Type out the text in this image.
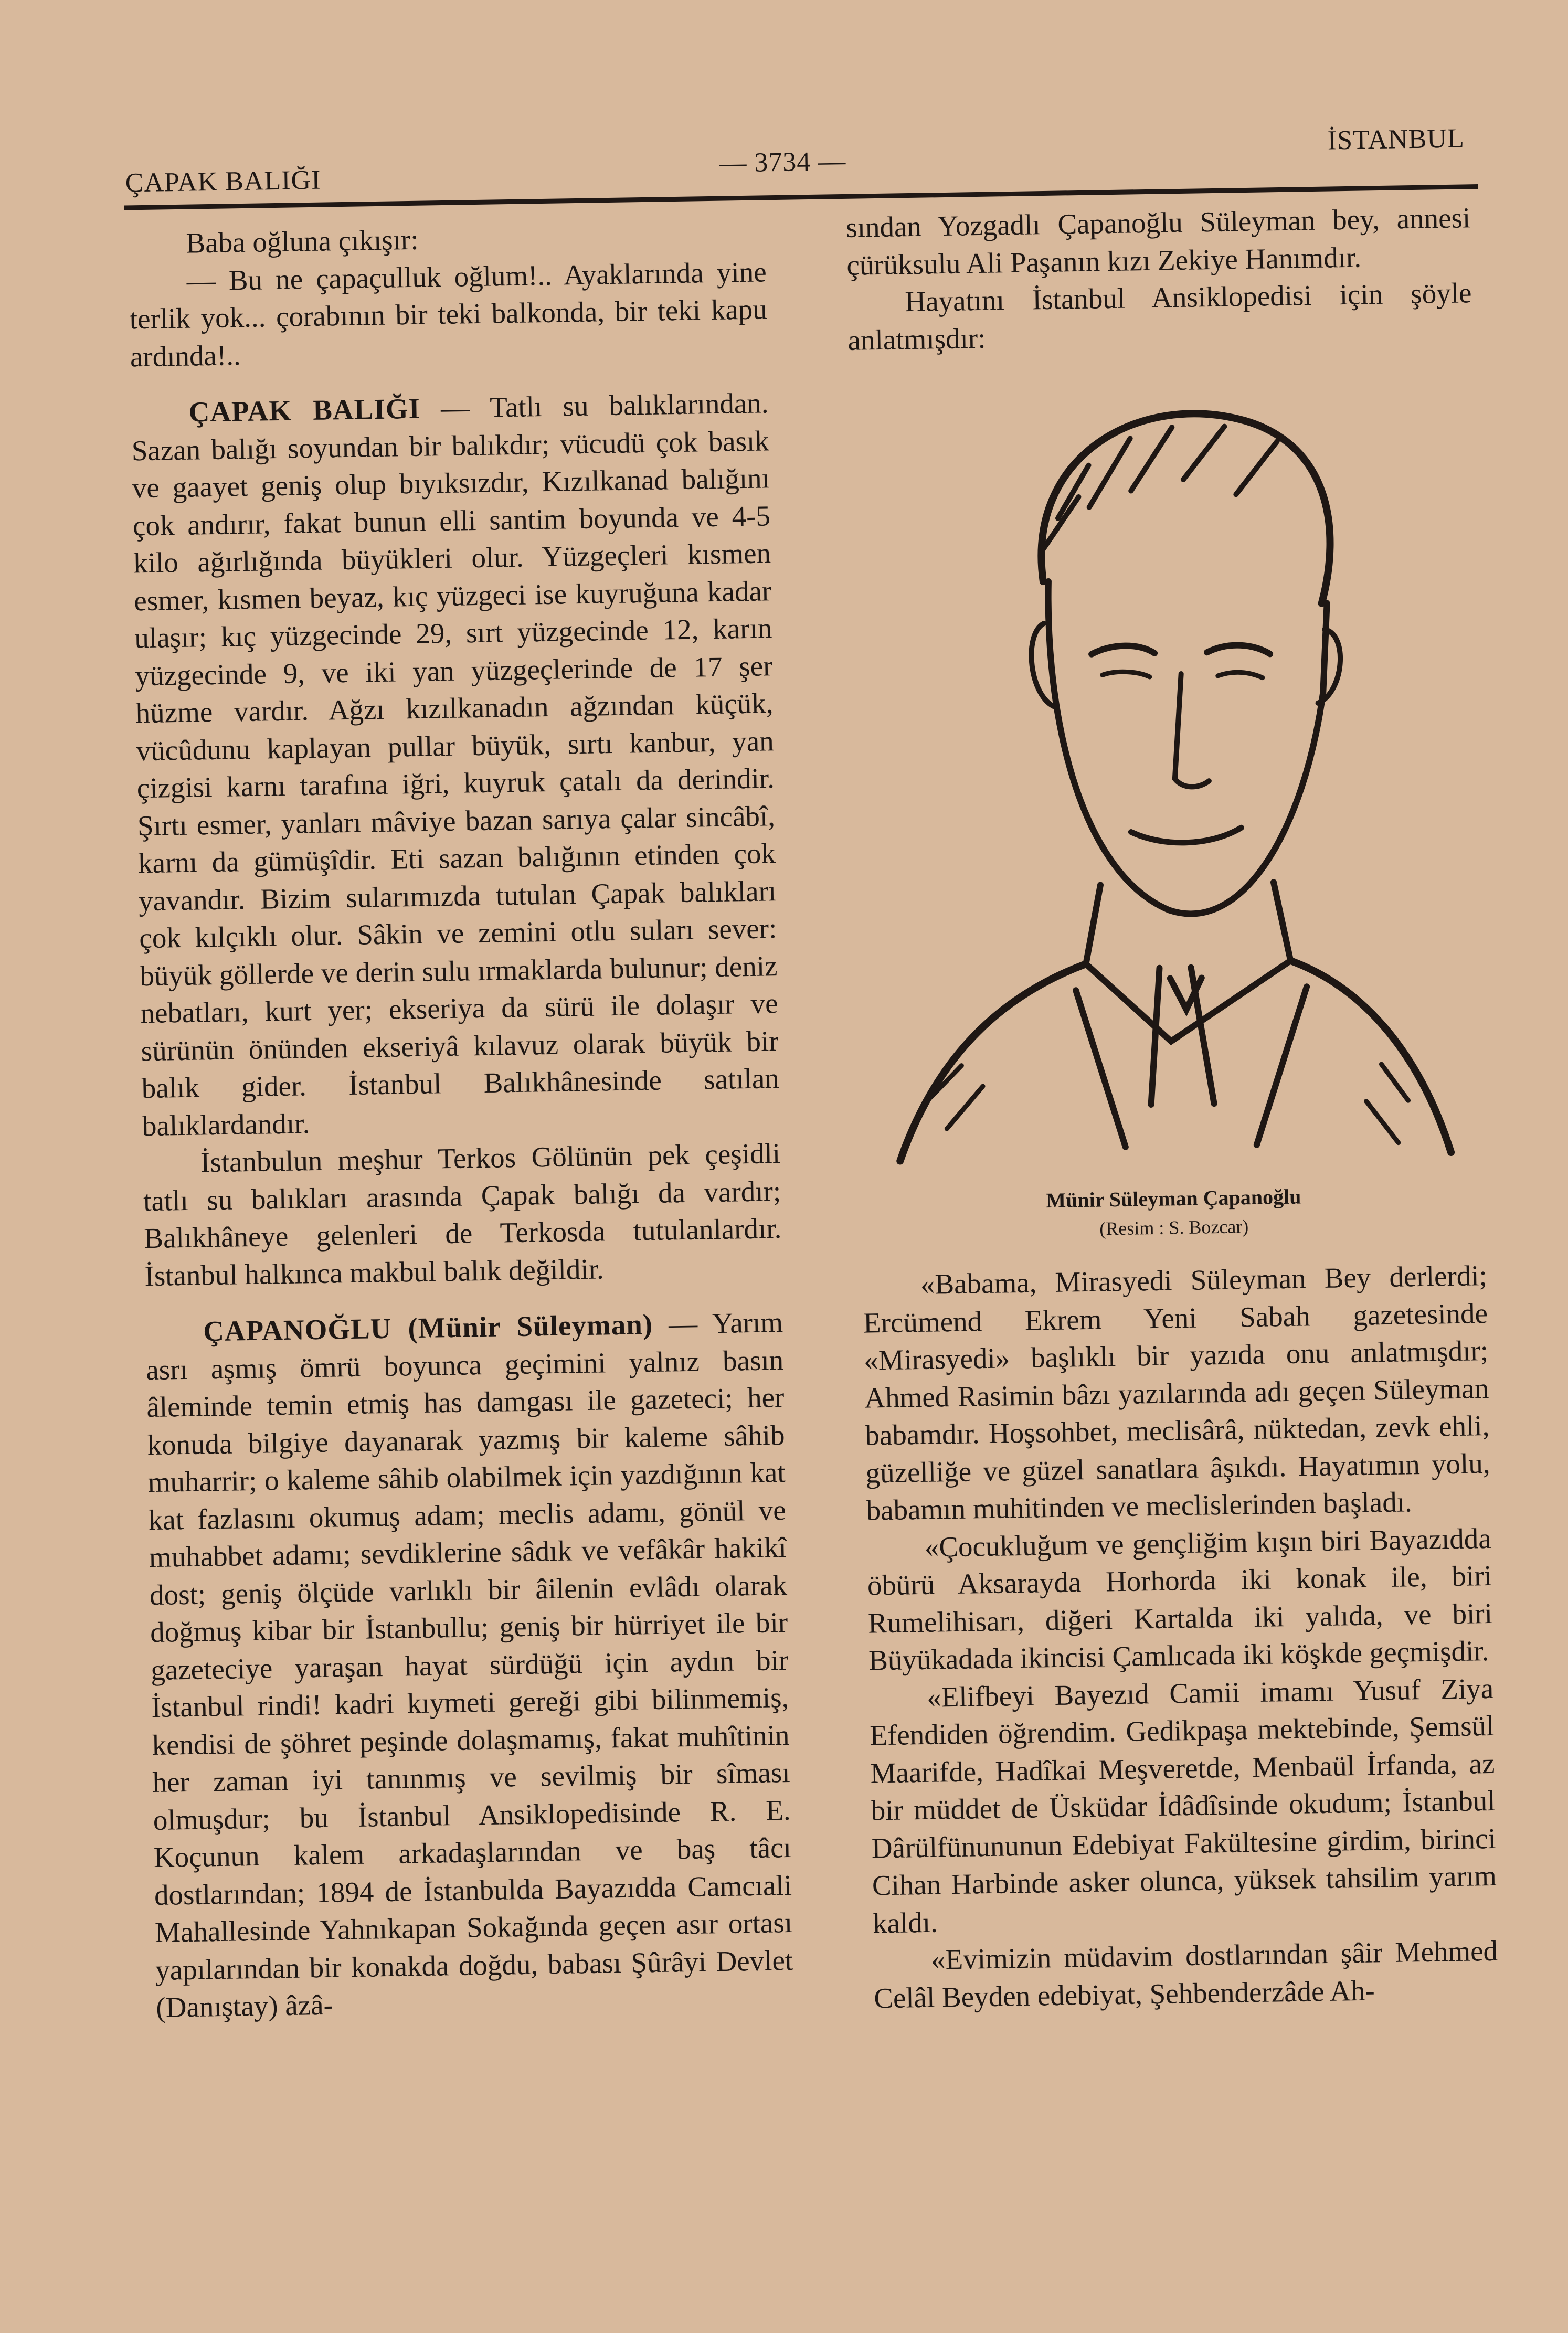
ÇAPAK BALIĞI
— 3734 —
İSTANBUL

Baba oğluna çıkışır:

— Bu ne çapaçulluk oğlum!.. Ayaklarında yine terlik yok... çorabının bir teki balkonda, bir teki kapu ardında!..

ÇAPAK BALIĞI — Tatlı su balıklarından. Sazan balığı soyundan bir balıkdır; vücudü çok basık ve gaayet geniş olup bıyıksızdır, Kızılkanad balığını çok andırır, fakat bunun elli santim boyunda ve 4-5 kilo ağırlığında büyükleri olur. Yüzgeçleri kısmen esmer, kısmen beyaz, kıç yüzgeci ise kuyruğuna kadar ulaşır; kıç yüzgecinde 29, sırt yüzgecinde 12, karın yüzgecinde 9, ve iki yan yüzgeçlerinde de 17 şer hüzme vardır. Ağzı kızılkanadın ağzından küçük, vücûdunu kaplayan pullar büyük, sırtı kanbur, yan çizgisi karnı tarafına iğri, kuyruk çatalı da derindir. Şırtı esmer, yanları mâviye bazan sarıya çalar sincâbî, karnı da gümüşîdir. Eti sazan balığının etinden çok yavandır. Bizim sularımızda tutulan Çapak balıkları çok kılçıklı olur. Sâkin ve zemini otlu suları sever: büyük göllerde ve derin sulu ırmaklarda bulunur; deniz nebatları, kurt yer; ekseriya da sürü ile dolaşır ve sürünün önünden ekseriyâ kılavuz olarak büyük bir balık gider. İstanbul Balıkhânesinde satılan balıklardandır.

İstanbulun meşhur Terkos Gölünün pek çeşidli tatlı su balıkları arasında Çapak balığı da vardır; Balıkhâneye gelenleri de Terkosda tutulanlardır. İstanbul halkınca makbul balık değildir.

ÇAPANOĞLU (Münir Süleyman) — Yarım asrı aşmış ömrü boyunca geçimini yalnız basın âleminde temin etmiş has damgası ile gazeteci; her konuda bilgiye dayanarak yazmış bir kaleme sâhib muharrir; o kaleme sâhib olabilmek için yazdığının kat kat fazlasını okumuş adam; meclis adamı, gönül ve muhabbet adamı; sevdiklerine sâdık ve vefâkâr hakikî dost; geniş ölçüde varlıklı bir âilenin evlâdı olarak doğmuş kibar bir İstanbullu; geniş bir hürriyet ile bir gazeteciye yaraşan hayat sürdüğü için aydın bir İstanbul rindi! kadri kıymeti gereği gibi bilinmemiş, kendisi de şöhret peşinde dolaşmamış, fakat muhîtinin her zaman iyi tanınmış ve sevilmiş bir sîması olmuşdur; bu İstanbul Ansiklopedisinde R. E. Koçunun kalem arkadaşlarından ve baş tâcı dostlarından; 1894 de İstanbulda Bayazıdda Camcıali Mahallesinde Yahnıkapan Sokağında geçen asır ortası yapılarından bir konakda doğdu, babası Şûrâyi Devlet (Danıştay) âzâ-

sından Yozgadlı Çapanoğlu Süleyman bey, annesi çürüksulu Ali Paşanın kızı Zekiye Hanımdır.

Hayatını İstanbul Ansiklopedisi için şöyle anlatmışdır:

Münir Süleyman Çapanoğlu
(Resim : S. Bozcar)

«Babama, Mirasyedi Süleyman Bey derlerdi; Ercümend Ekrem Yeni Sabah gazetesinde «Mirasyedi» başlıklı bir yazıda onu anlatmışdır; Ahmed Rasimin bâzı yazılarında adı geçen Süleyman babamdır. Hoşsohbet, meclisârâ, nüktedan, zevk ehli, güzelliğe ve güzel sanatlara âşıkdı. Hayatımın yolu, babamın muhitinden ve meclislerinden başladı.

«Çocukluğum ve gençliğim kışın biri Bayazıdda öbürü Aksarayda Horhorda iki konak ile, biri Rumelihisarı, diğeri Kartalda iki yalıda, ve biri Büyükadada ikincisi Çamlıcada iki köşkde geçmişdir.

«Elifbeyi Bayezıd Camii imamı Yusuf Ziya Efendiden öğrendim. Gedikpaşa mektebinde, Şemsül Maarifde, Hadîkai Meşveretde, Menbaül İrfanda, az bir müddet de Üsküdar İdâdîsinde okudum; İstanbul Dârülfünununun Edebiyat Fakültesine girdim, birinci Cihan Harbinde asker olunca, yüksek tahsilim yarım kaldı.

«Evimizin müdavim dostlarından şâir Mehmed Celâl Beyden edebiyat, Şehbenderzâde Ah-
